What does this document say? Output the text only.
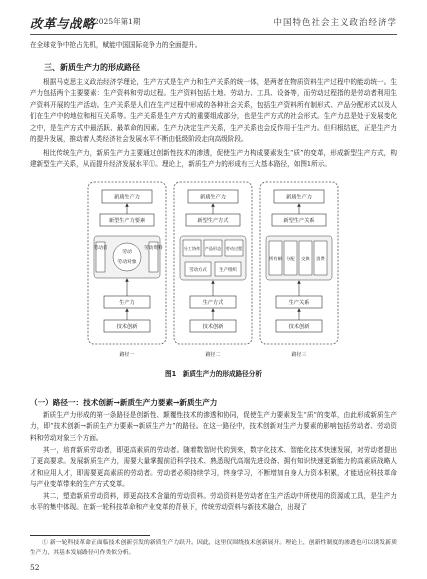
改革与战略
2025年第1期	中国特色社会主义政治经济学

在全球竞争中抢占先机，赋能中国国际竞争力的全面提升。

三、新质生产力的形成路径

根据马克思主义政治经济学理论，生产方式是生产力和生产关系的统一体，是两者在物质资料生产过程中的能动统一。生产力包括两个主要要素：生产资料和劳动过程。生产资料包括土地、劳动力、工具、设备等，而劳动过程指的是劳动者利用生产资料开展的生产活动。生产关系是人们在生产过程中形成的各种社会关系，包括生产资料所有制形式、产品分配形式以及人们在生产中的地位和相互关系等。生产关系是生产方式的重要组成部分，也是生产方式的社会形式。生产力总是处于发展变化之中，是生产方式中最活跃、最革命的因素。生产力决定生产关系，生产关系也会反作用于生产力。但归根结底，正是生产力的提升发展，推动着人类经济社会发展水平不断由低级阶段走向高级阶段。

相比传统生产力，新质生产力主要通过创新性技术的渗透，促使生产力构成要素发生“质”的变革，形成新型生产方式，构建新型生产关系，从而提升经济发展水平①。理论上，新质生产力的形成有三大基本路径，如图1所示。

新质生产力
新型生产力要素
劳动者	劳动资料
劳动
劳动对象
生产力
技术创新
路径一
新质生产力
新型生产方式
分工协作 产品形态 劳动过程
劳动方式	生产组织
生产方式
技术创新
路径二
新质生产力
新型生产关系
所有制 分配 交换 消费
生产关系
技术创新
路径三
图1　新质生产力的形成路径分析
（一）路径一：技术创新→新质生产力要素→新质生产力

新质生产力形成的第一条路径是创新性、颠覆性技术的渗透和协同，促使生产力要素发生“质”的变革，由此形成新质生产力，即“技术创新→新质生产力要素→新质生产力”的路径。在这一路径中，技术创新对生产力要素的影响包括劳动者、劳动资料和劳动对象三个方面。

其一，培育新质劳动者，即更高素质的劳动者。随着数智时代的到来，数字化技术、智能化技术快速发展，对劳动者提出了更高要求。发展新质生产力，需要大量掌握前沿科学技术、熟悉现代高端先进设备、拥有知识快速更新能力的高素质战略人才和应用人才，即需要更高素质的劳动者。劳动者必须持续学习，终身学习，不断增加自身人力资本积累，才能适应科技革命与产业变革带来的生产方式变革。

其二，塑造新质劳动资料，即更高技术含量的劳动资料。劳动资料是劳动者在生产活动中所使用的资源或工具，是生产力水平的集中体现。在新一轮科技革命和产业变革的背景下，传统劳动资料与新技术融合，出现了

① 新一轮科技革命正面临技术创新引发的新质生产力跃升。因此，这里仅围绕技术创新展开。理论上，创新性制度的渗透也可以诱发新质生产力，其基本发展路径可作类似分析。

52
